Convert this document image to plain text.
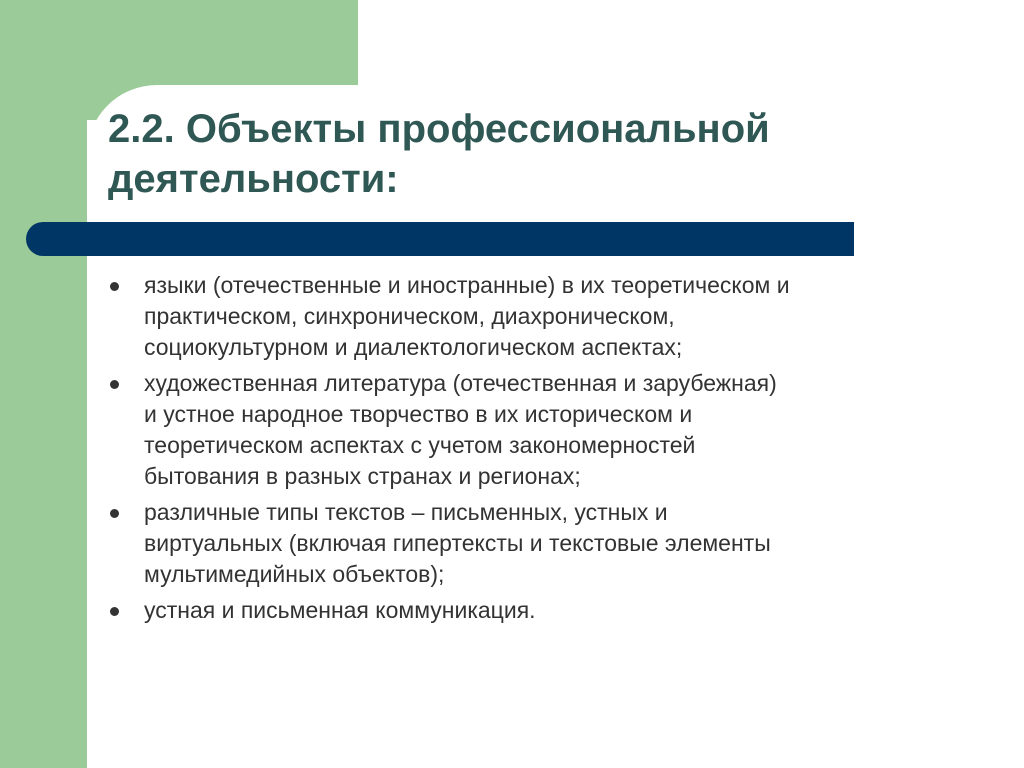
2.2. Объекты профессиональной
деятельности:
языки (отечественные и иностранные) в их теоретическом и
практическом, синхроническом, диахроническом,
социокультурном и диалектологическом аспектах;
художественная литература (отечественная и зарубежная)
и устное народное творчество в их историческом и
теоретическом аспектах с учетом закономерностей
бытования в разных странах и регионах;
различные типы текстов – письменных, устных и
виртуальных (включая гипертексты и текстовые элементы
мультимедийных объектов);
устная и письменная коммуникация.
